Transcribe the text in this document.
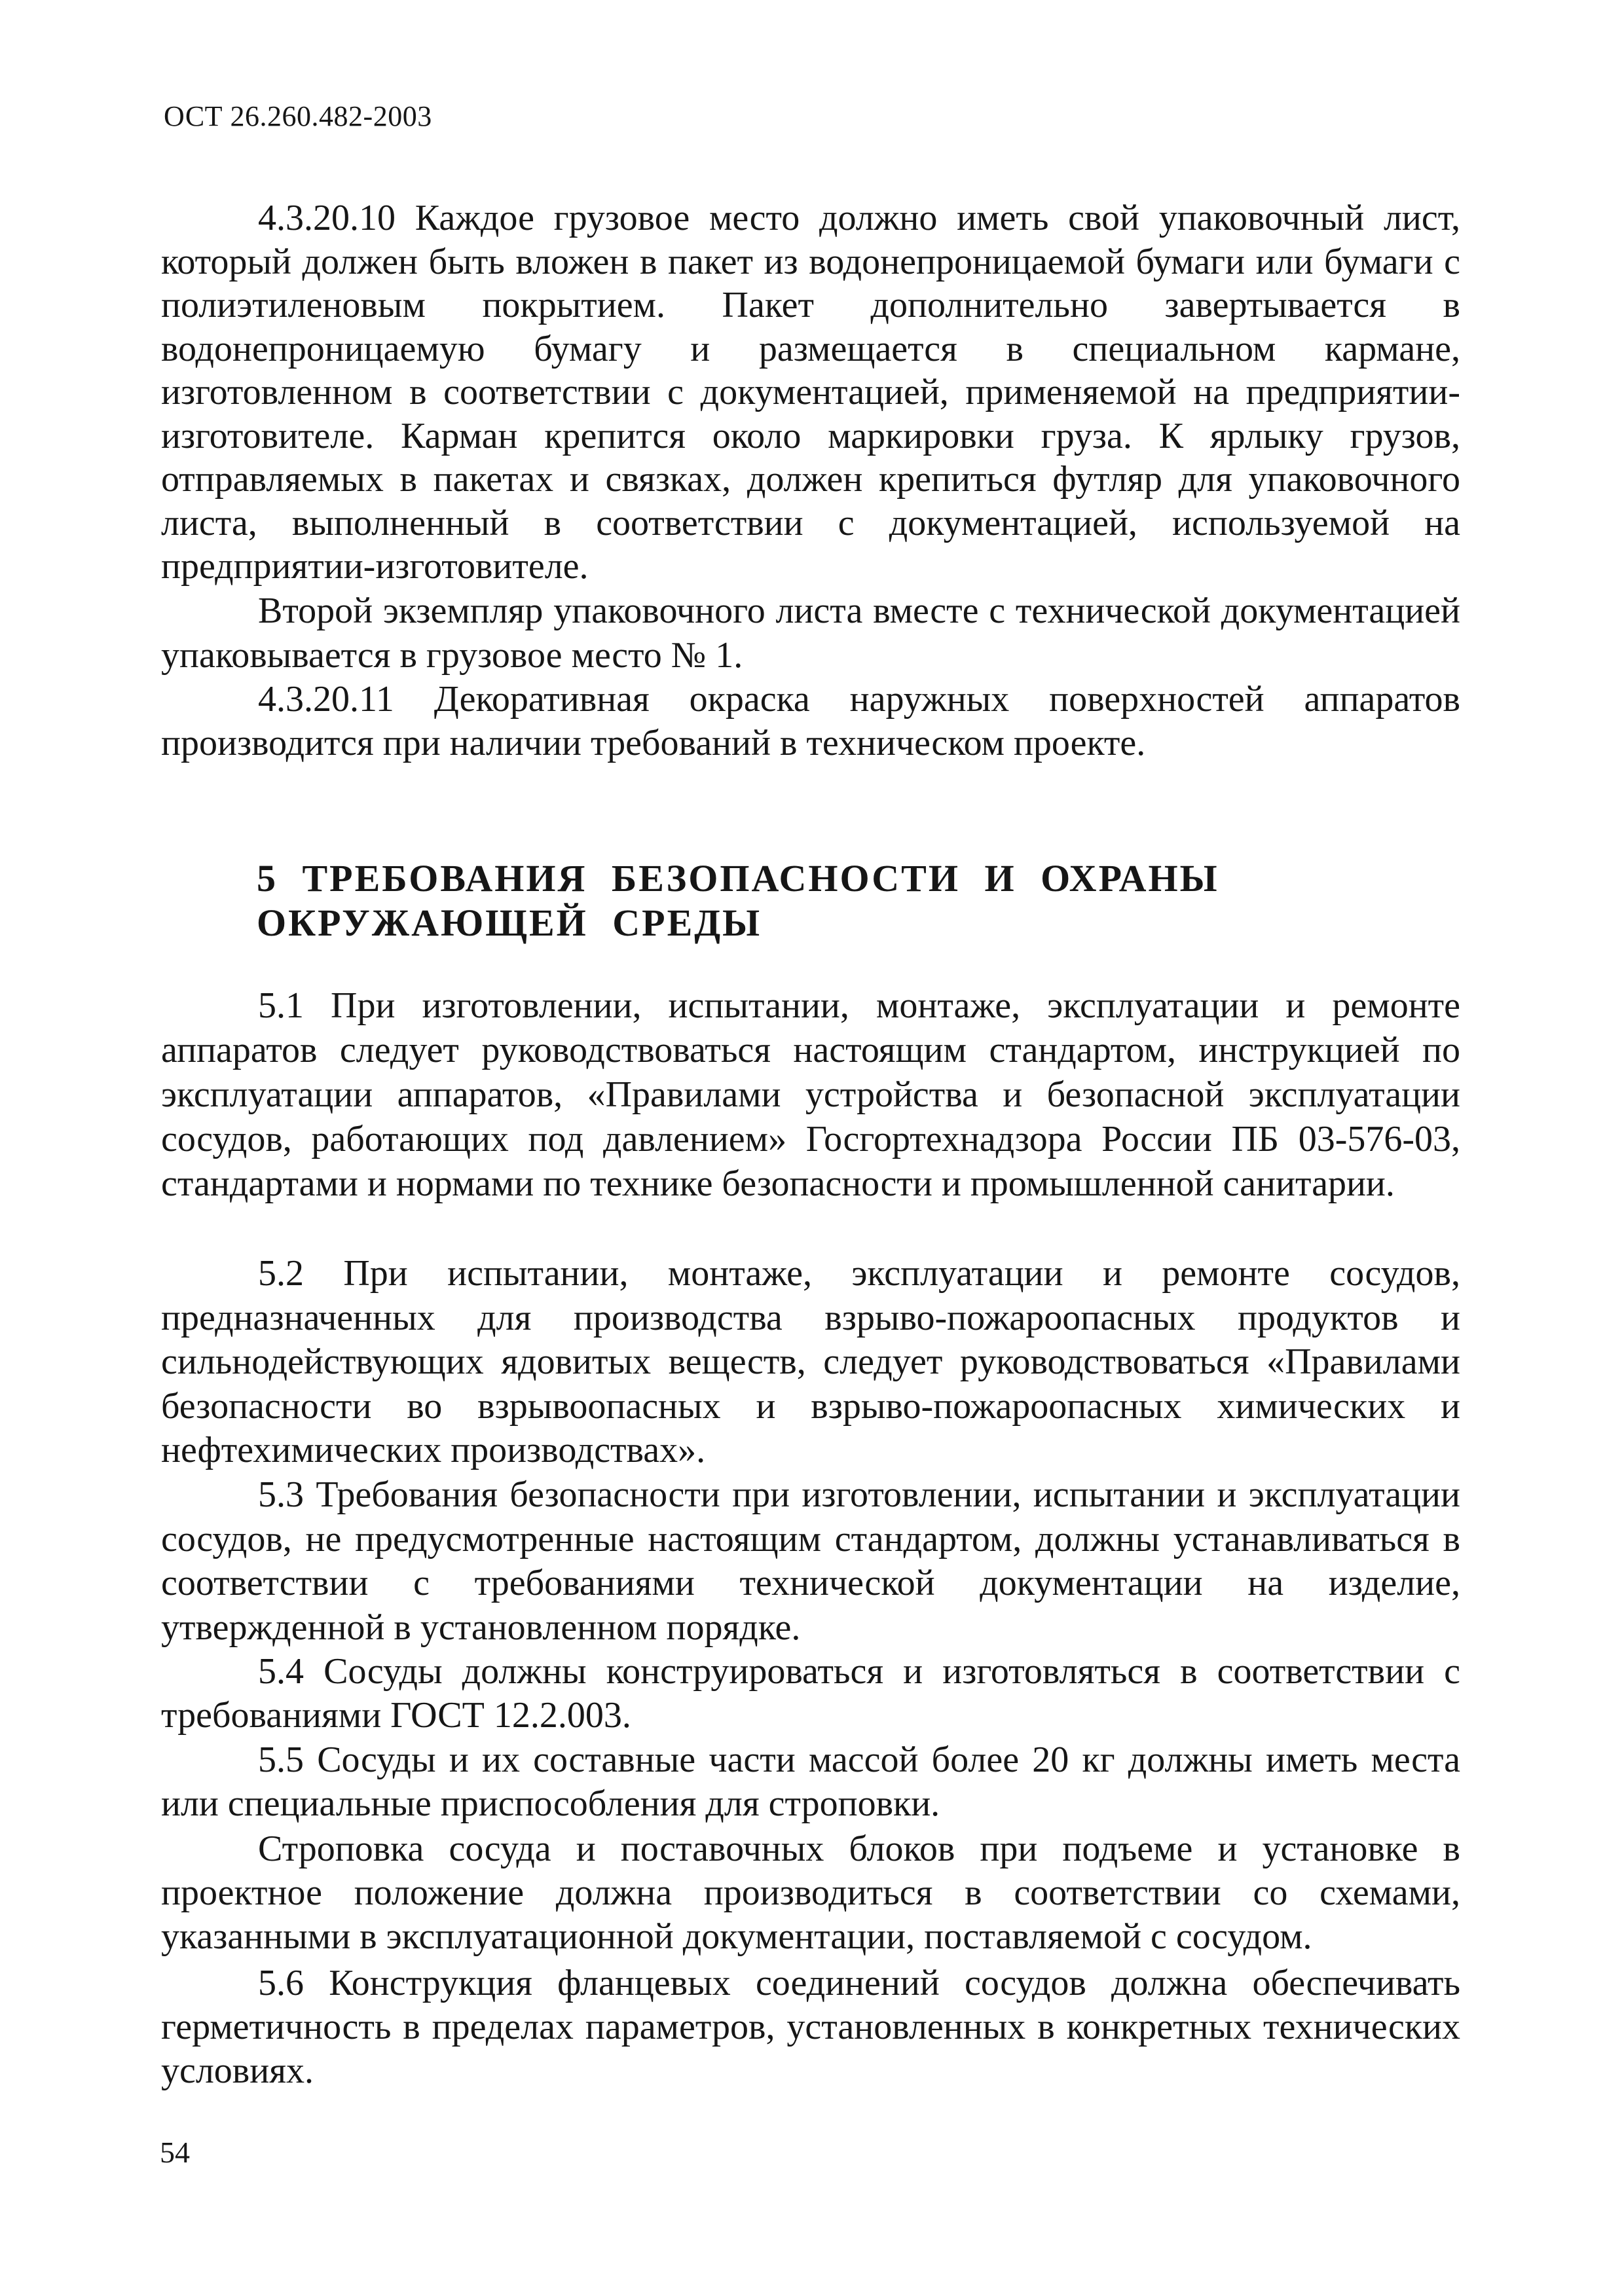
ОСТ 26.260.482-2003

4.3.20.10 Каждое грузовое место должно иметь свой упаковочный лист, который должен быть вложен в пакет из водонепроницаемой бумаги или бумаги с полиэтиленовым покрытием. Пакет дополнительно завертывается в водонепроницаемую бумагу и размещается в специальном кармане, изготовленном в соответствии с документацией, применяемой на предприятии-изготовителе. Карман крепится около маркировки груза. К ярлыку грузов, отправляемых в пакетах и связках, должен крепиться футляр для упаковочного листа, выполненный в соответствии с документацией, используемой на предприятии-изготовителе.

Второй экземпляр упаковочного листа вместе с технической документацией упаковывается в грузовое место № 1.

4.3.20.11 Декоративная окраска наружных поверхностей аппаратов производится при наличии требований в техническом проекте.

5 ТРЕБОВАНИЯ БЕЗОПАСНОСТИ И ОХРАНЫ ОКРУЖАЮЩЕЙ СРЕДЫ

5.1 При изготовлении, испытании, монтаже, эксплуатации и ремонте аппаратов следует руководствоваться настоящим стандартом, инструкцией по эксплуатации аппаратов, «Правилами устройства и безопасной эксплуатации сосудов, работающих под давлением» Госгортехнадзора России ПБ 03-576-03, стандартами и нормами по технике безопасности и промышленной санитарии.

5.2 При испытании, монтаже, эксплуатации и ремонте сосудов, предназначенных для производства взрыво-пожароопасных продуктов и сильнодействующих ядовитых веществ, следует руководствоваться «Правилами безопасности во взрывоопасных и взрыво-пожароопасных химических и нефтехимических производствах».

5.3 Требования безопасности при изготовлении, испытании и эксплуатации сосудов, не предусмотренные настоящим стандартом, должны устанавливаться в соответствии с требованиями технической документации на изделие, утвержденной в установленном порядке.

5.4 Сосуды должны конструироваться и изготовляться в соответствии с требованиями ГОСТ 12.2.003.

5.5 Сосуды и их составные части массой более 20 кг должны иметь места или специальные приспособления для строповки.

Строповка сосуда и поставочных блоков при подъеме и установке в проектное положение должна производиться в соответствии со схемами, указанными в эксплуатационной документации, поставляемой с сосудом.

5.6 Конструкция фланцевых соединений сосудов должна обеспечивать герметичность в пределах параметров, установленных в конкретных технических условиях.

54
